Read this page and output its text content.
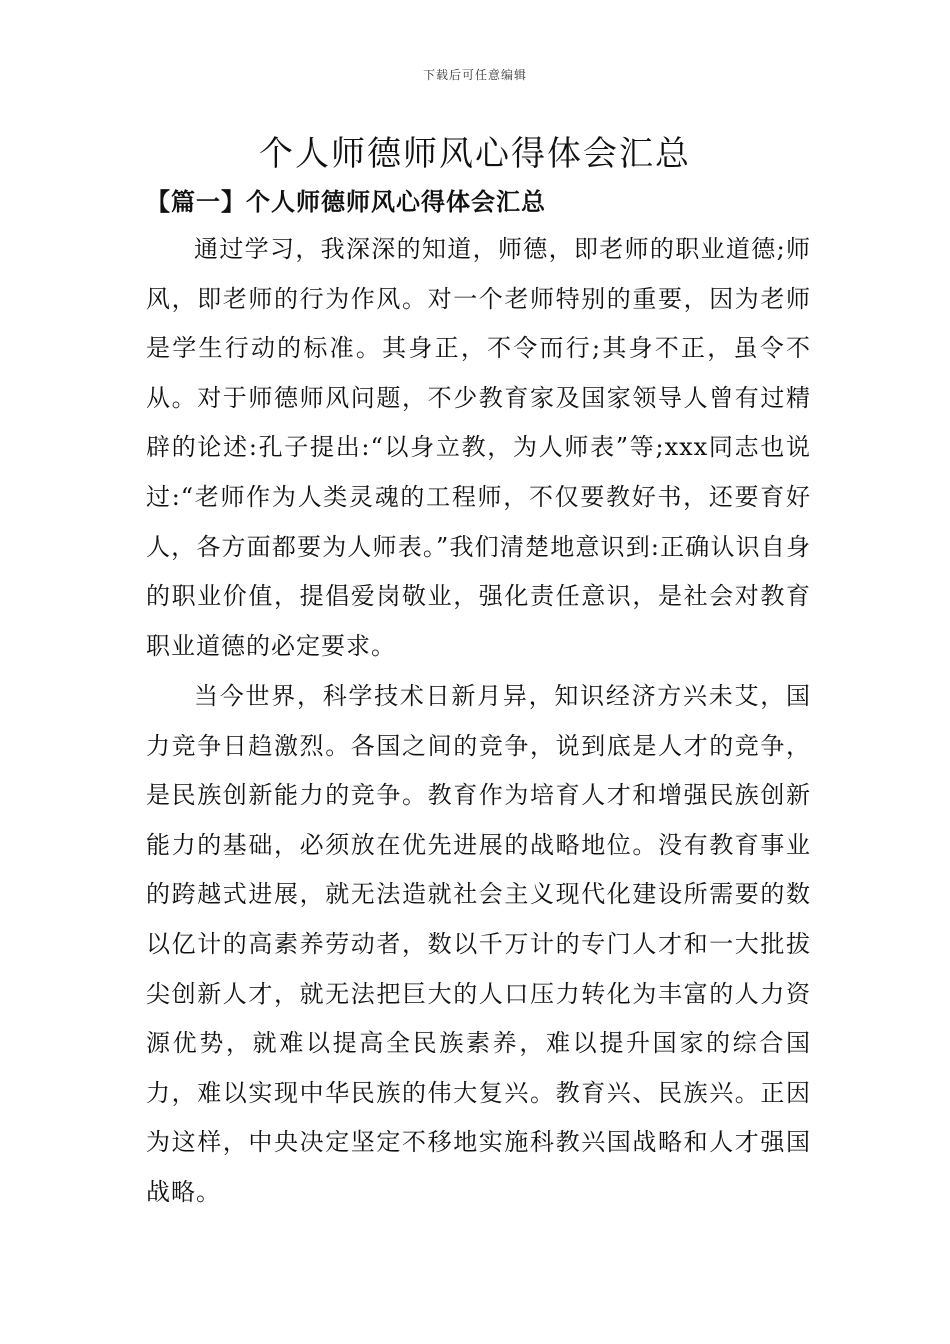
下载后可任意编辑
个人师德师风心得体会汇总
【篇一】个人师德师风心得体会汇总

通过学习，我深深的知道，师德，即老师的职业道德;师风，即老师的行为作风。对一个老师特别的重要，因为老师是学生行动的标准。其身正，不令而行;其身不正，虽令不从。对于师德师风问题，不少教育家及国家领导人曾有过精辟的论述:孔子提出:“以身立教，为人师表”等;xxx同志也说过:“老师作为人类灵魂的工程师，不仅要教好书，还要育好人，各方面都要为人师表。”我们清楚地意识到:正确认识自身的职业价值，提倡爱岗敬业，强化责任意识，是社会对教育职业道德的必定要求。

当今世界，科学技术日新月异，知识经济方兴未艾，国力竞争日趋激烈。各国之间的竞争，说到底是人才的竞争，是民族创新能力的竞争。教育作为培育人才和增强民族创新能力的基础，必须放在优先进展的战略地位。没有教育事业的跨越式进展，就无法造就社会主义现代化建设所需要的数以亿计的高素养劳动者，数以千万计的专门人才和一大批拔尖创新人才，就无法把巨大的人口压力转化为丰富的人力资源优势，就难以提高全民族素养，难以提升国家的综合国力，难以实现中华民族的伟大复兴。教育兴、民族兴。正因为这样，中央决定坚定不移地实施科教兴国战略和人才强国战略。
